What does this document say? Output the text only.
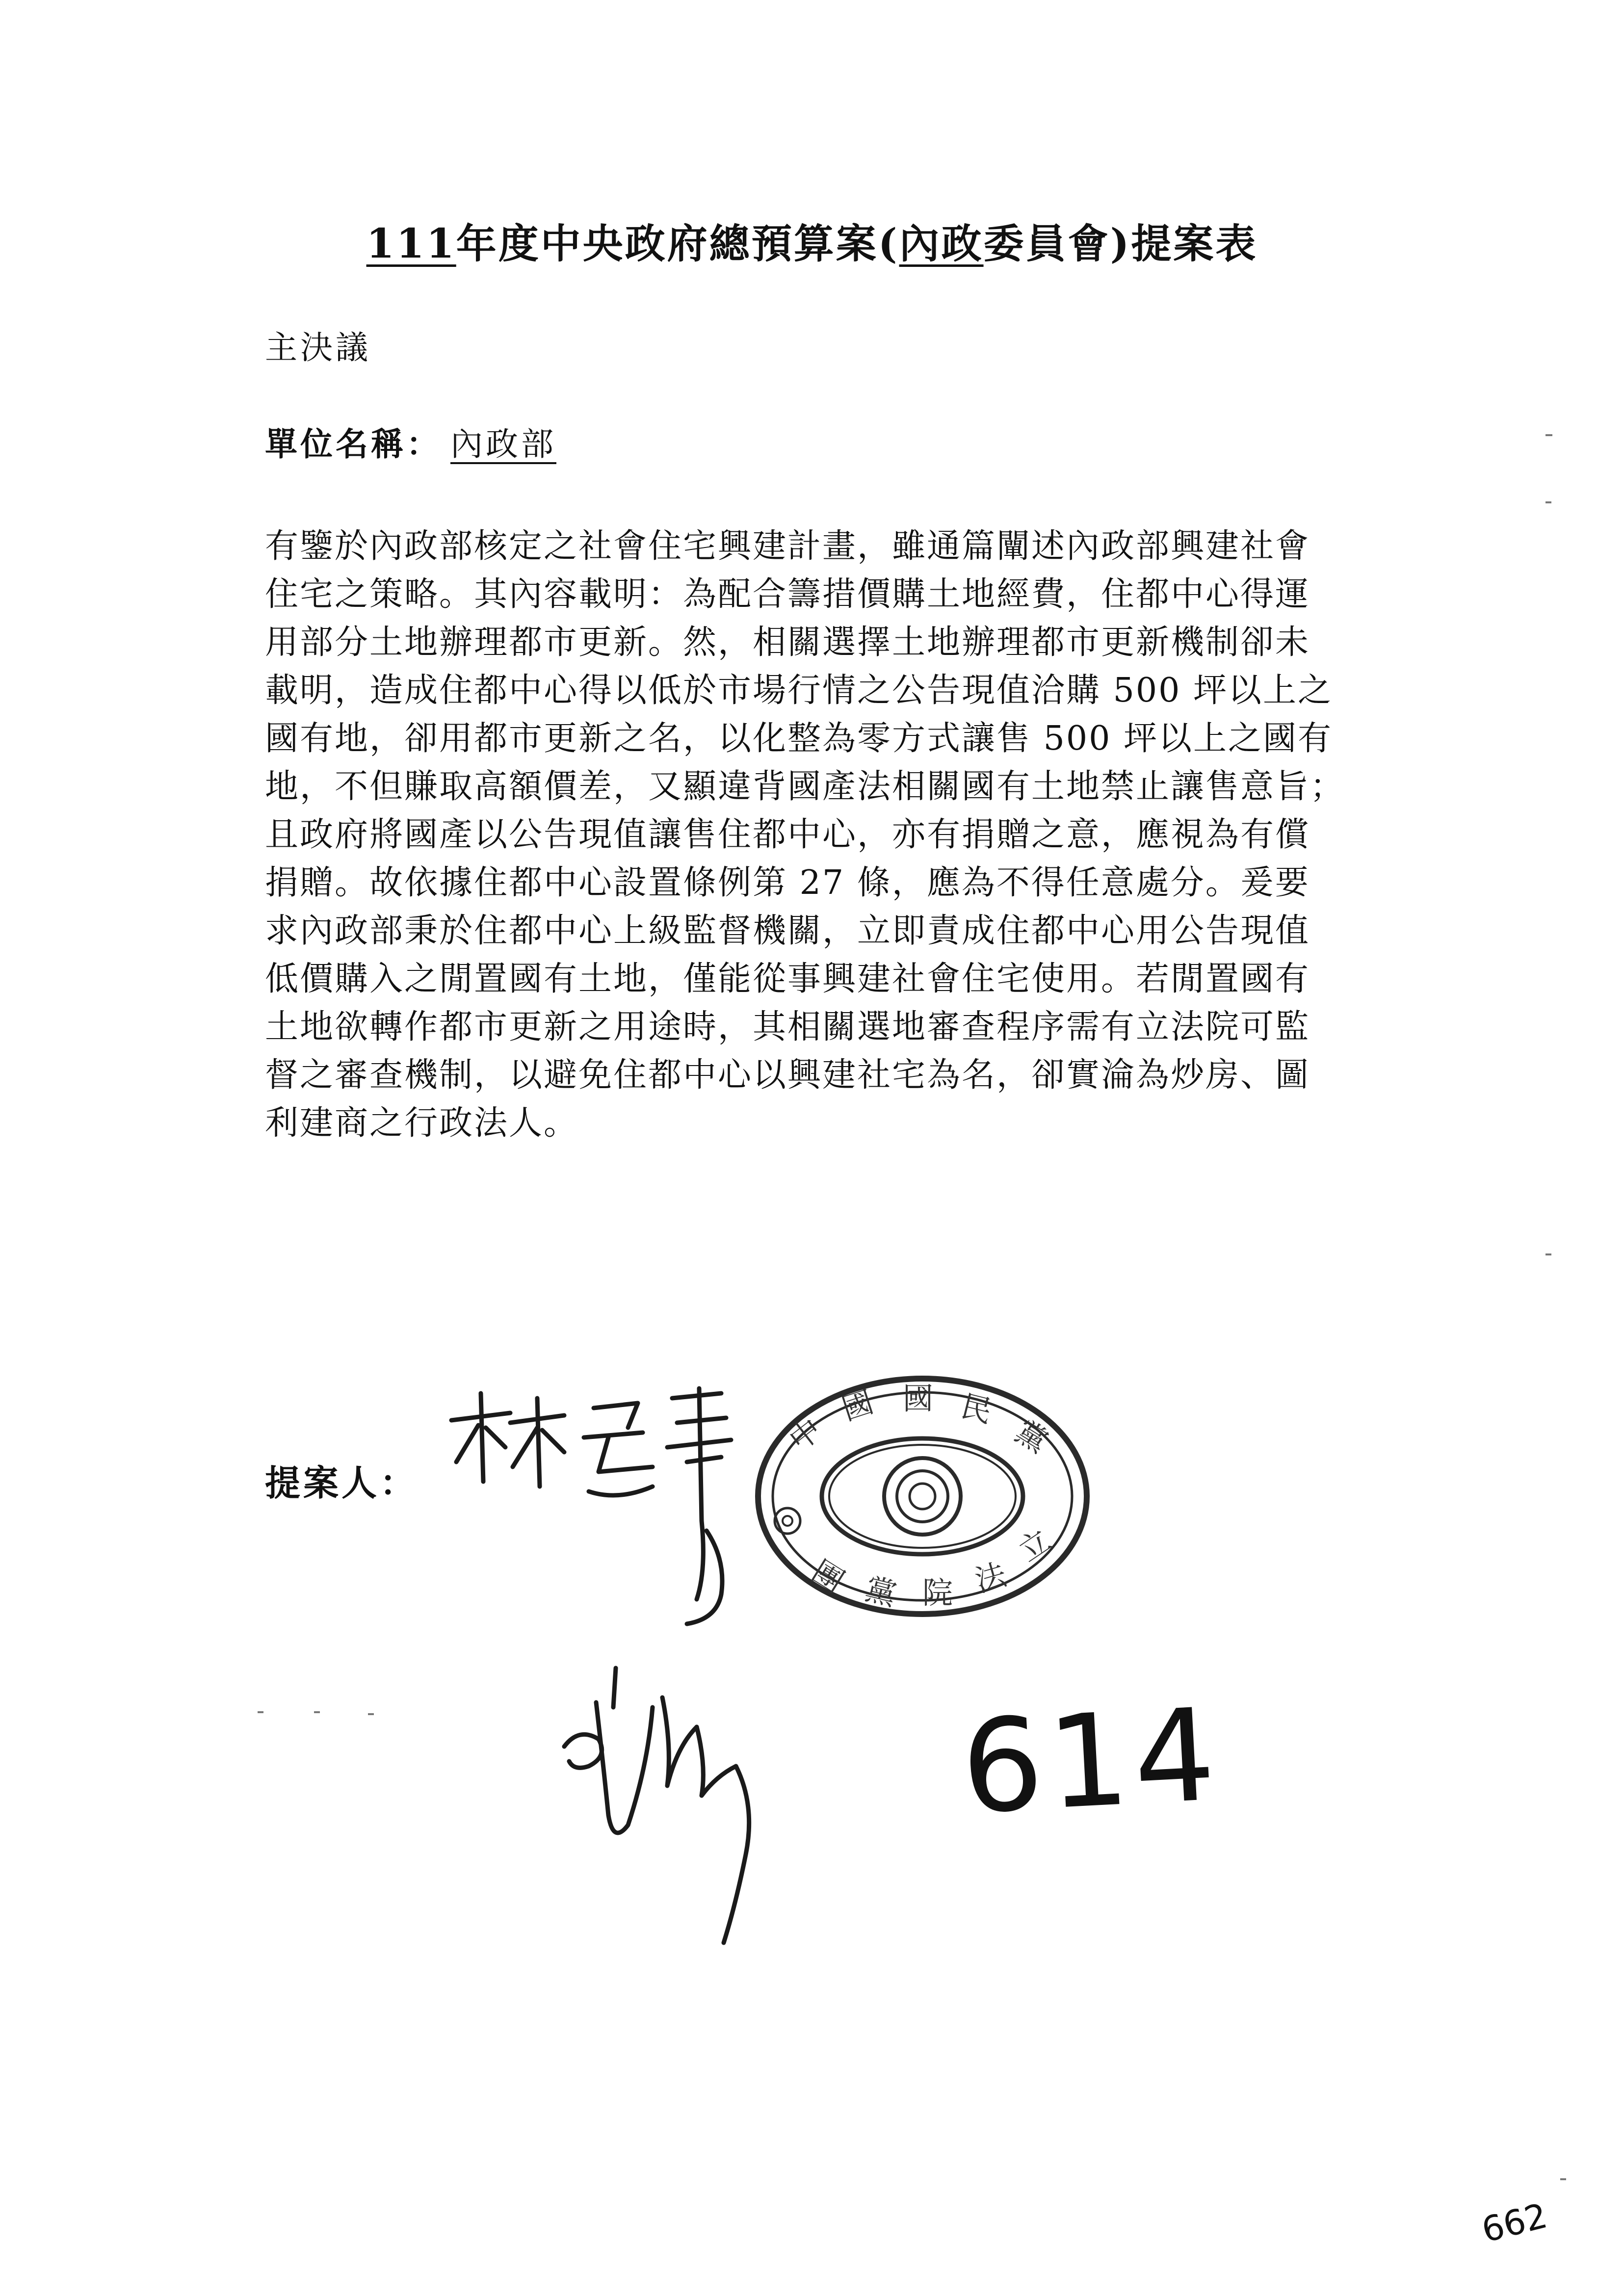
111年度中央政府總預算案(內政委員會)提案表
主決議
單位名稱： 內政部
有鑒於內政部核定之社會住宅興建計畫，雖通篇闡述內政部興建社會
住宅之策略。其內容載明：為配合籌措價購土地經費，住都中心得運
用部分土地辦理都市更新。然，相關選擇土地辦理都市更新機制卻未
載明，造成住都中心得以低於市場行情之公告現值洽購 500 坪以上之
國有地，卻用都市更新之名，以化整為零方式讓售 500 坪以上之國有
地，不但賺取高額價差，又顯違背國產法相關國有土地禁止讓售意旨；
且政府將國產以公告現值讓售住都中心，亦有捐贈之意，應視為有償
捐贈。故依據住都中心設置條例第 27 條，應為不得任意處分。爰要
求內政部秉於住都中心上級監督機關，立即責成住都中心用公告現值
低價購入之閒置國有土地，僅能從事興建社會住宅使用。若閒置國有
土地欲轉作都市更新之用途時，其相關選地審查程序需有立法院可監
督之審查機制，以避免住都中心以興建社宅為名，卻實淪為炒房、圖
利建商之行政法人。
提案人：
中
國 國 民
黨
立
法
院
黨
團
614
662
